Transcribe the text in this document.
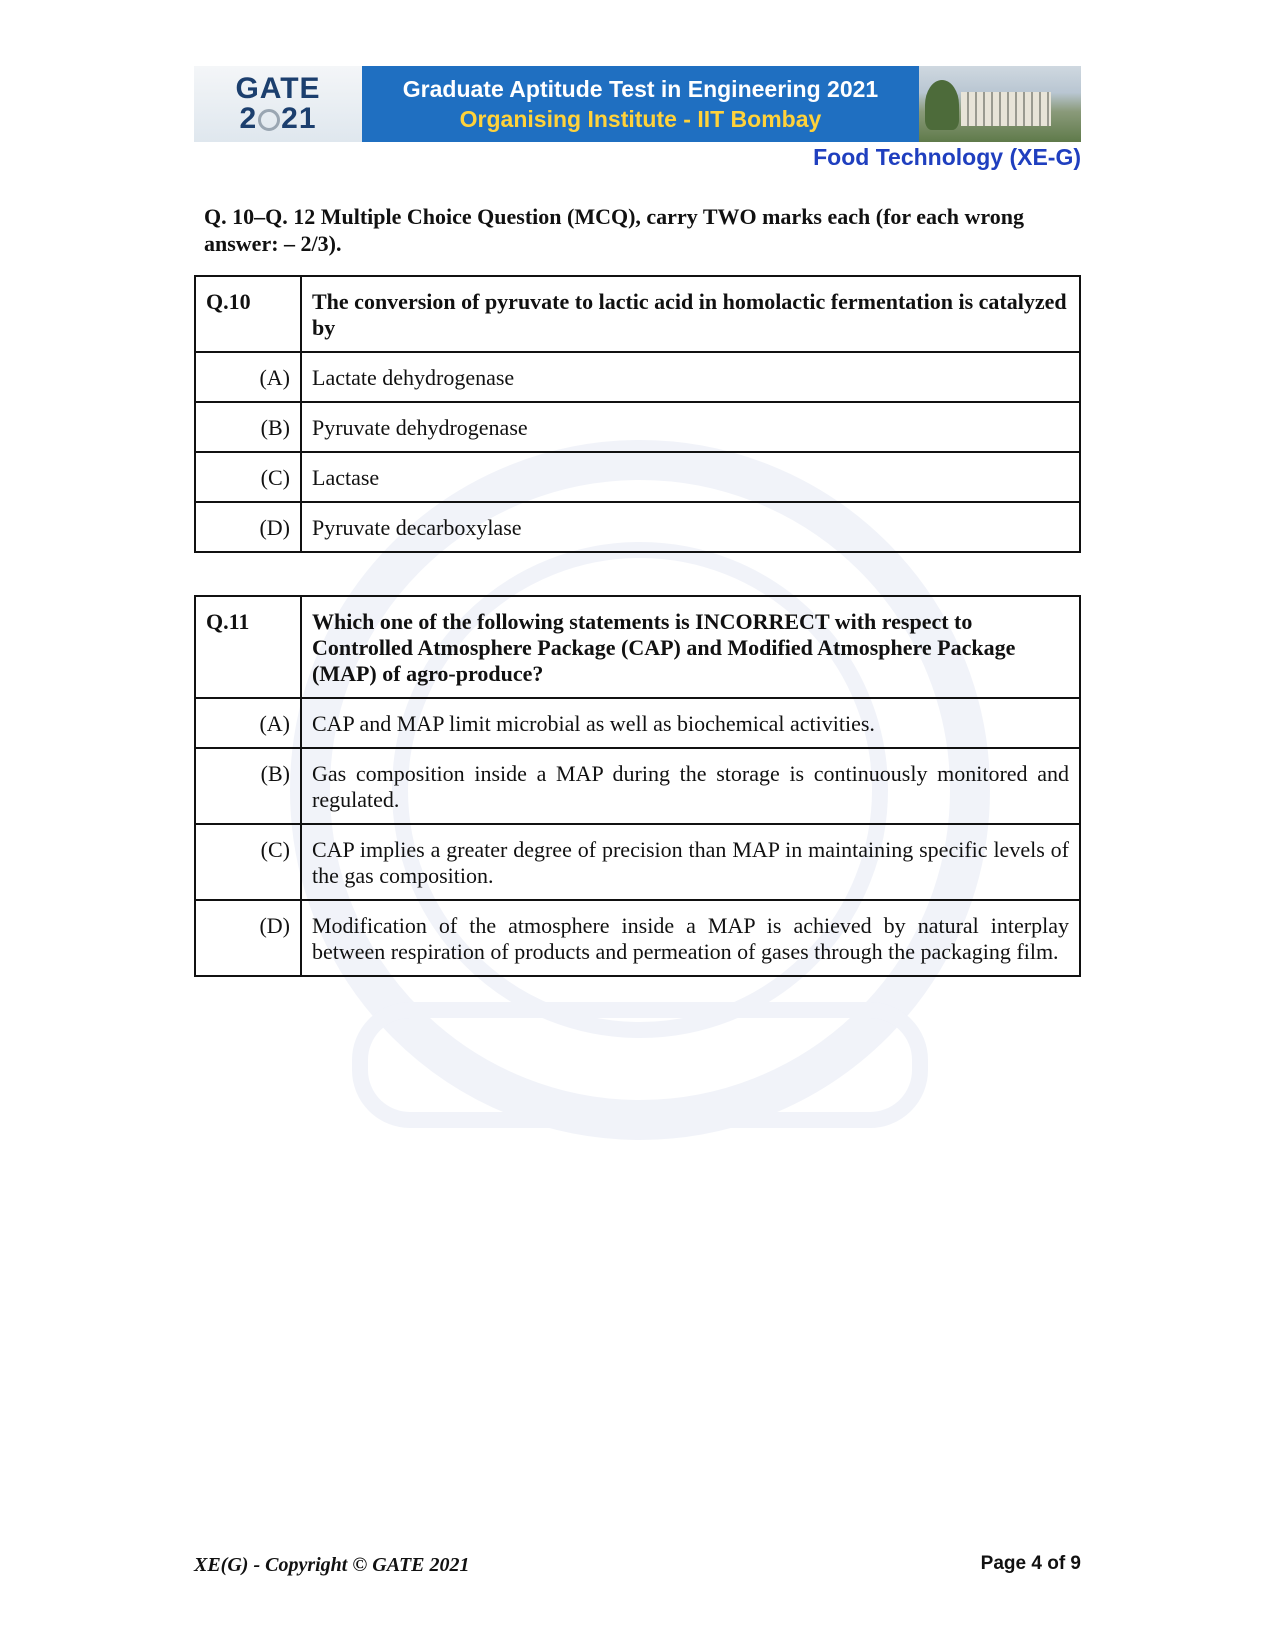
GATE
2 21
Graduate Aptitude Test in Engineering 2021
Organising Institute - IIT Bombay
Food Technology (XE-G)
Q. 10–Q. 12 Multiple Choice Question (MCQ), carry TWO marks each (for each wrong answer: – 2/3).
Q.10	The conversion of pyruvate to lactic acid in homolactic fermentation is catalyzed by
(A)	Lactate dehydrogenase
(B)	Pyruvate dehydrogenase
(C)	Lactase
(D)	Pyruvate decarboxylase
Q.11	Which one of the following statements is INCORRECT with respect to Controlled Atmosphere Package (CAP) and Modified Atmosphere Package (MAP) of agro-produce?
(A)	CAP and MAP limit microbial as well as biochemical activities.
(B)	Gas composition inside a MAP during the storage is continuously monitored and regulated.
(C)	CAP implies a greater degree of precision than MAP in maintaining specific levels of the gas composition.
(D)	Modification of the atmosphere inside a MAP is achieved by natural interplay between respiration of products and permeation of gases through the packaging film.
XE(G) - Copyright © GATE 2021	Page 4 of 9
